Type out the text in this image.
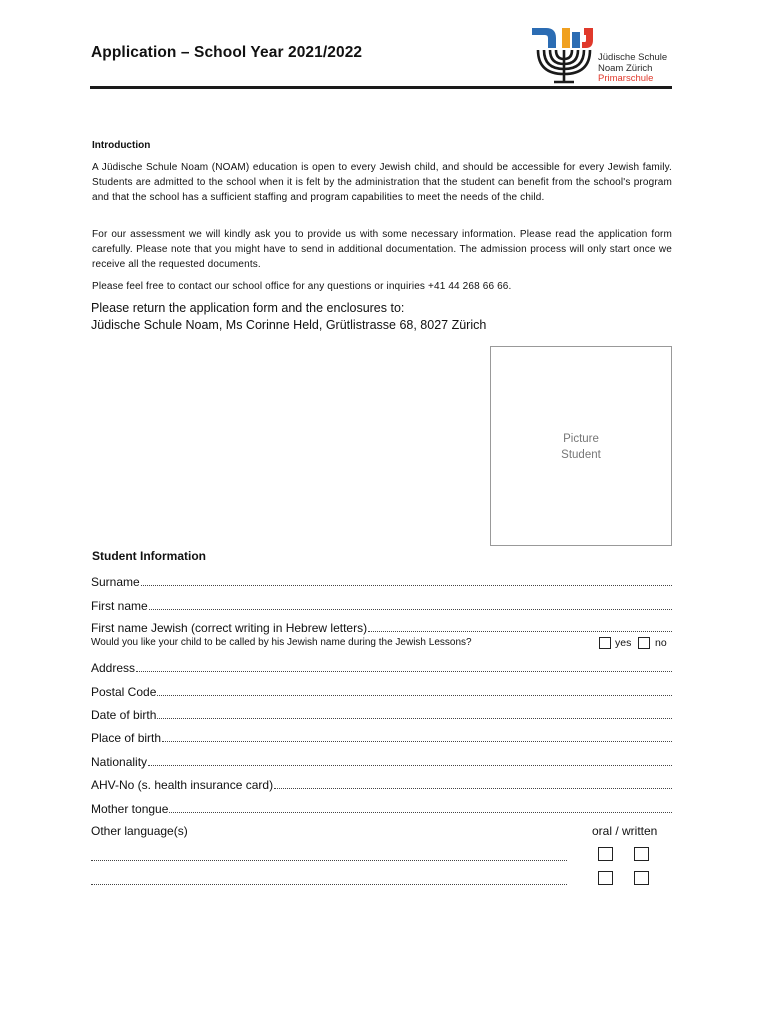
Application – School Year 2021/2022	Jüdische Schule
Noam Zürich
Primarschule
Introduction
A Jüdische Schule Noam (NOAM) education is open to every Jewish child, and should be accessible for every Jewish family. Students are admitted to the school when it is felt by the administration that the student can benefit from the school's program and that the school has a sufficient staffing and program capabilities to meet the needs of the child.
For our assessment we will kindly ask you to provide us with some necessary information. Please read the application form carefully. Please note that you might have to send in additional documentation. The admission process will only start once we receive all the requested documents.
Please feel free to contact our school office for any questions or inquiries +41 44 268 66 66.
Please return the application form and the enclosures to:
Jüdische Schule Noam, Ms Corinne Held, Grütlistrasse 68, 8027 Zürich
Picture
Student
Student Information
Surname
First name
First name Jewish (correct writing in Hebrew letters)
Would you like your child to be called by his Jewish name during the Jewish Lessons?	yes no
Address
Postal Code
Date of birth
Place of birth
Nationality
AHV-No (s. health insurance card)
Mother tongue
Other language(s)	oral / written
